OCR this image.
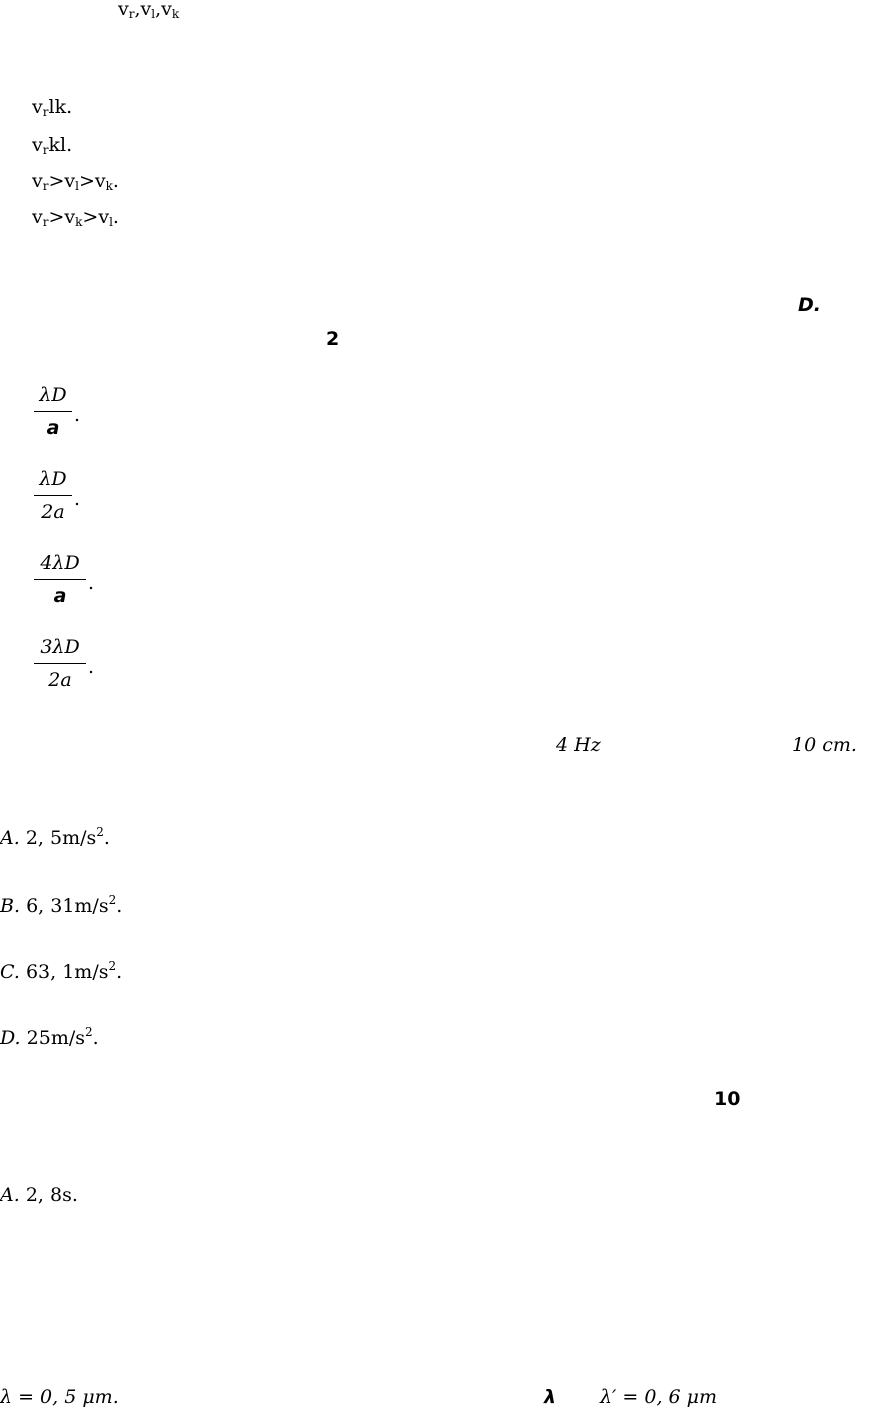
$v_r,v_l,v_k$
$v_rlk$.
$v_rkl$.
$v_r>v_l>v_k$.
$v_r>v_k>v_l$.
D.
2
λD
a
.
λD
2a
.
4λD
a
.
3λD
2a
.
4 Hz	10 cm.
A. 2, $5m/s^2$.
B. 6, $31m/s^2$.
C. 63, $1m/s^2$.
D. $25m/s^2$.
10
A. 2, 8s.
λ = 0, 5 μm.	λ λ′ = 0, 6 μm
